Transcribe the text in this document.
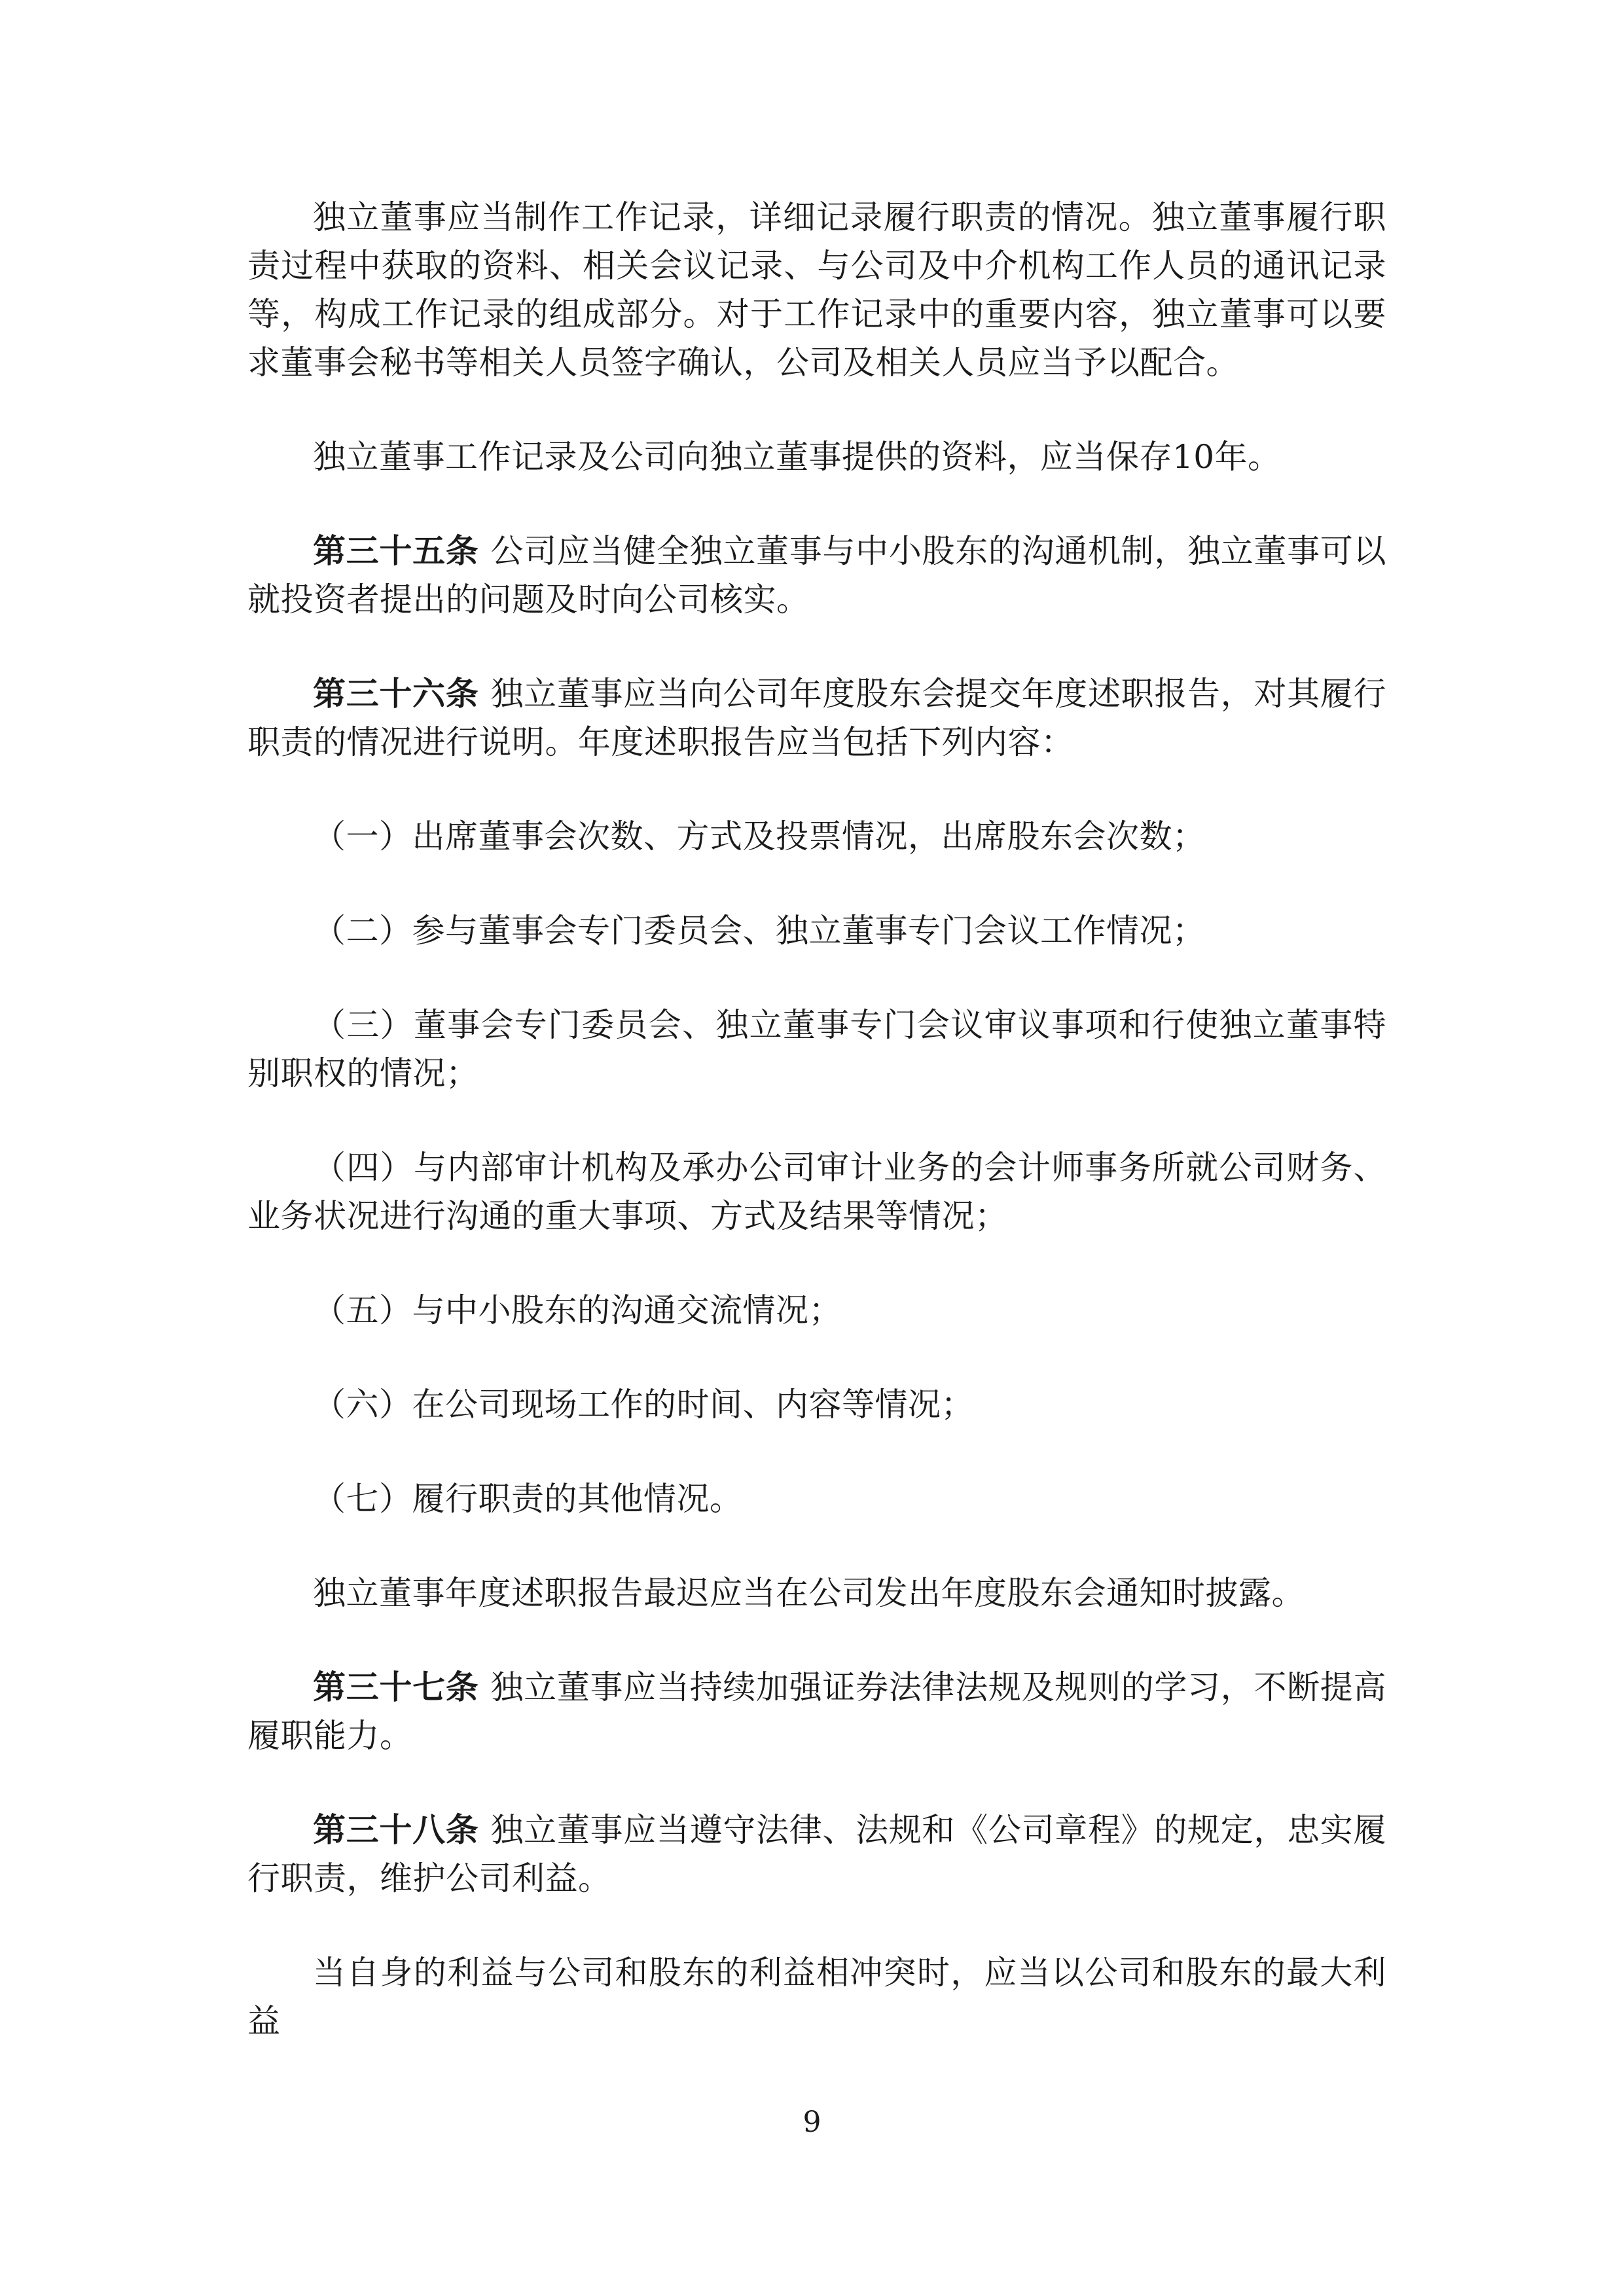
独立董事应当制作工作记录，详细记录履行职责的情况。独立董事履行职责过程中获取的资料、相关会议记录、与公司及中介机构工作人员的通讯记录等，构成工作记录的组成部分。对于工作记录中的重要内容，独立董事可以要求董事会秘书等相关人员签字确认，公司及相关人员应当予以配合。

独立董事工作记录及公司向独立董事提供的资料，应当保存10年。

第三十五条 公司应当健全独立董事与中小股东的沟通机制，独立董事可以就投资者提出的问题及时向公司核实。

第三十六条 独立董事应当向公司年度股东会提交年度述职报告，对其履行职责的情况进行说明。年度述职报告应当包括下列内容：

（一）出席董事会次数、方式及投票情况，出席股东会次数；

（二）参与董事会专门委员会、独立董事专门会议工作情况；

（三）董事会专门委员会、独立董事专门会议审议事项和行使独立董事特别职权的情况；

（四）与内部审计机构及承办公司审计业务的会计师事务所就公司财务、业务状况进行沟通的重大事项、方式及结果等情况；

（五）与中小股东的沟通交流情况；

（六）在公司现场工作的时间、内容等情况；

（七）履行职责的其他情况。

独立董事年度述职报告最迟应当在公司发出年度股东会通知时披露。

第三十七条 独立董事应当持续加强证券法律法规及规则的学习，不断提高履职能力。

第三十八条 独立董事应当遵守法律、法规和《公司章程》的规定，忠实履行职责，维护公司利益。

当自身的利益与公司和股东的利益相冲突时，应当以公司和股东的最大利益

9
